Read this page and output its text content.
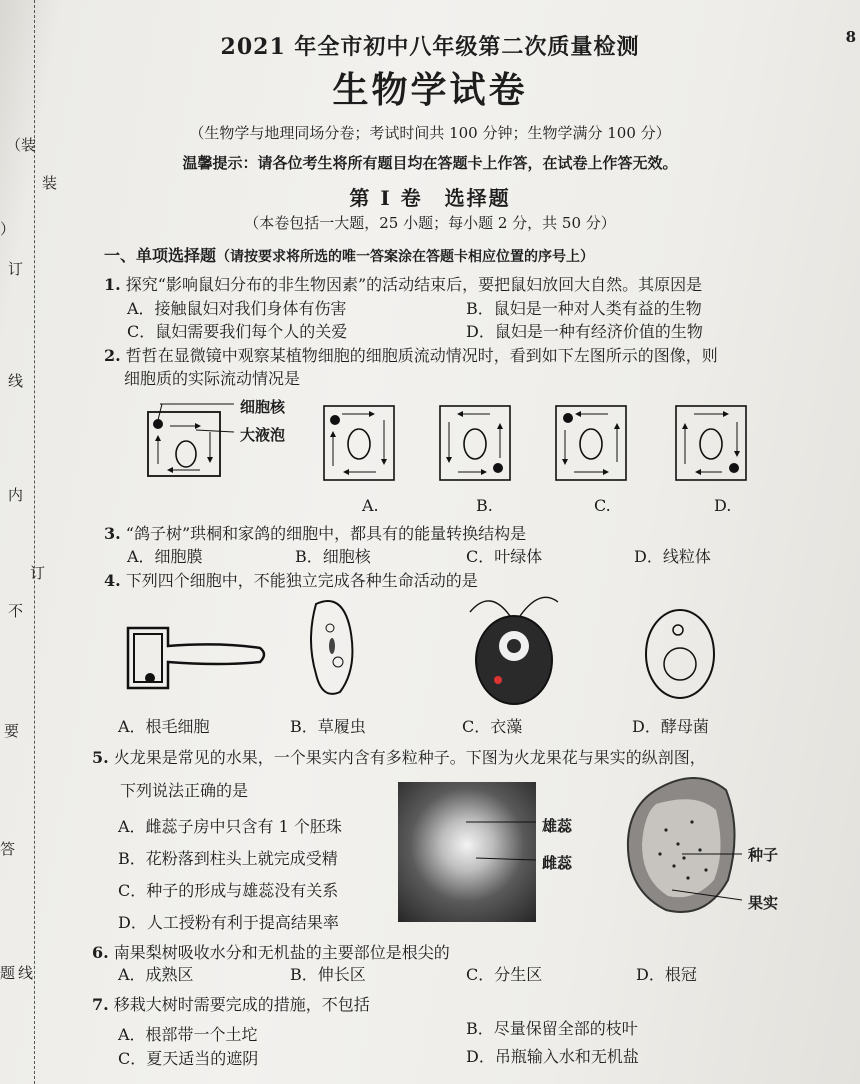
（装
装
）
订
线
内
订
不
要
答
题 线
8
2021 年全市初中八年级第二次质量检测
生物学试卷
（生物学与地理同场分卷；考试时间共 100 分钟；生物学满分 100 分）
温馨提示：请各位考生将所有题目均在答题卡上作答，在试卷上作答无效。
第 I 卷　选择题
（本卷包括一大题，25 小题；每小题 2 分，共 50 分）
一、单项选择题（请按要求将所选的唯一答案涂在答题卡相应位置的序号上）
1. 探究“影响鼠妇分布的非生物因素”的活动结束后，要把鼠妇放回大自然。其原因是
A．接触鼠妇对我们身体有伤害	B．鼠妇是一种对人类有益的生物
C．鼠妇需要我们每个人的关爱	D．鼠妇是一种有经济价值的生物
2. 哲哲在显微镜中观察某植物细胞的细胞质流动情况时，看到如下左图所示的图像，则
细胞质的实际流动情况是
细胞核
大液泡
A.	B.	C.	D.
3. “鸽子树”珙桐和家鸽的细胞中，都具有的能量转换结构是
A．细胞膜	B．细胞核	C．叶绿体	D．线粒体
4. 下列四个细胞中，不能独立完成各种生命活动的是
A．根毛细胞	B．草履虫	C．衣藻	D．酵母菌
5. 火龙果是常见的水果，一个果实内含有多粒种子。下图为火龙果花与果实的纵剖图，
下列说法正确的是
A．雌蕊子房中只含有 1 个胚珠
B．花粉落到柱头上就完成受精
C．种子的形成与雄蕊没有关系
D．人工授粉有利于提高结果率
雄蕊
雌蕊	种子
果实
6. 南果梨树吸收水分和无机盐的主要部位是根尖的
A．成熟区	B．伸长区	C．分生区	D．根冠
7. 移栽大树时需要完成的措施，不包括
A．根部带一个土坨	B．尽量保留全部的枝叶
C．夏天适当的遮阴	D．吊瓶输入水和无机盐
